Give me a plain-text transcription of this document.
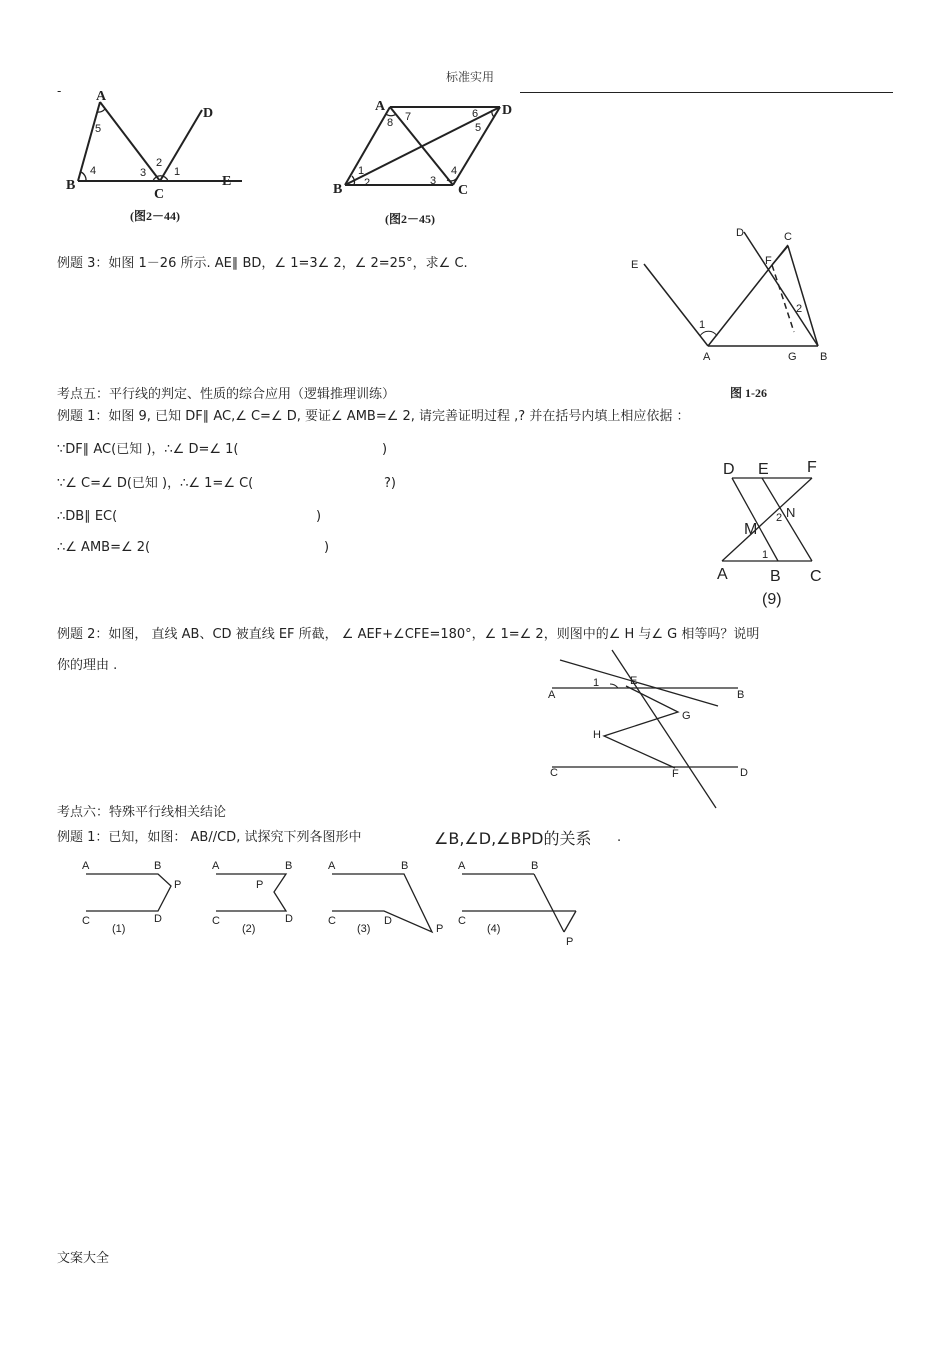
标准实用
- A
B
C
D
E
1
2
3
4
5
(图2－44)
A
B	C
D
1
2	3
4
5
6
7
8
(图2－45)
例题 3：如图 1－26 所示. AE∥ BD，∠ 1=3∠ 2，∠ 2=25°，求∠ C.	E
D	C
F
A	G B
1
2
图 1-26
考点五：平行线的判定、性质的综合应用（逻辑推理训练）
例题 1：如图 9, 已知 DF∥ AC,∠ C=∠ D, 要证∠ AMB=∠ 2, 请完善证明过程 ,? 并在括号内填上相应依据 ：
∵DF∥ AC(已知 )，∴∠ D=∠ 1(	)
∵∠ C=∠ D(已知 )，∴∠ 1=∠ C(	?)
∴DB∥ EC(	)
∴∠ AMB=∠ 2(	)
D E F
M
N
2
1
A	B C
(9)
例题 2：如图， 直线 AB、CD 被直线 EF 所截， ∠ AEF+∠CFE=180°，∠ 1=∠ 2，则图中的∠ H 与∠ G 相等吗？说明
你的理由 .
A	B
C	D
E
F
G
H
1
考点六：特殊平行线相关结论
例题 1：已知，如图： AB//CD, 试探究下列各图形中	∠B,∠D,∠BPD的关系 .
A	B
P
C	D
(1)
A	B
P
C	D
(2)
A	B
P
C	D
(3)
A	B
P
C
(4)
文案大全
